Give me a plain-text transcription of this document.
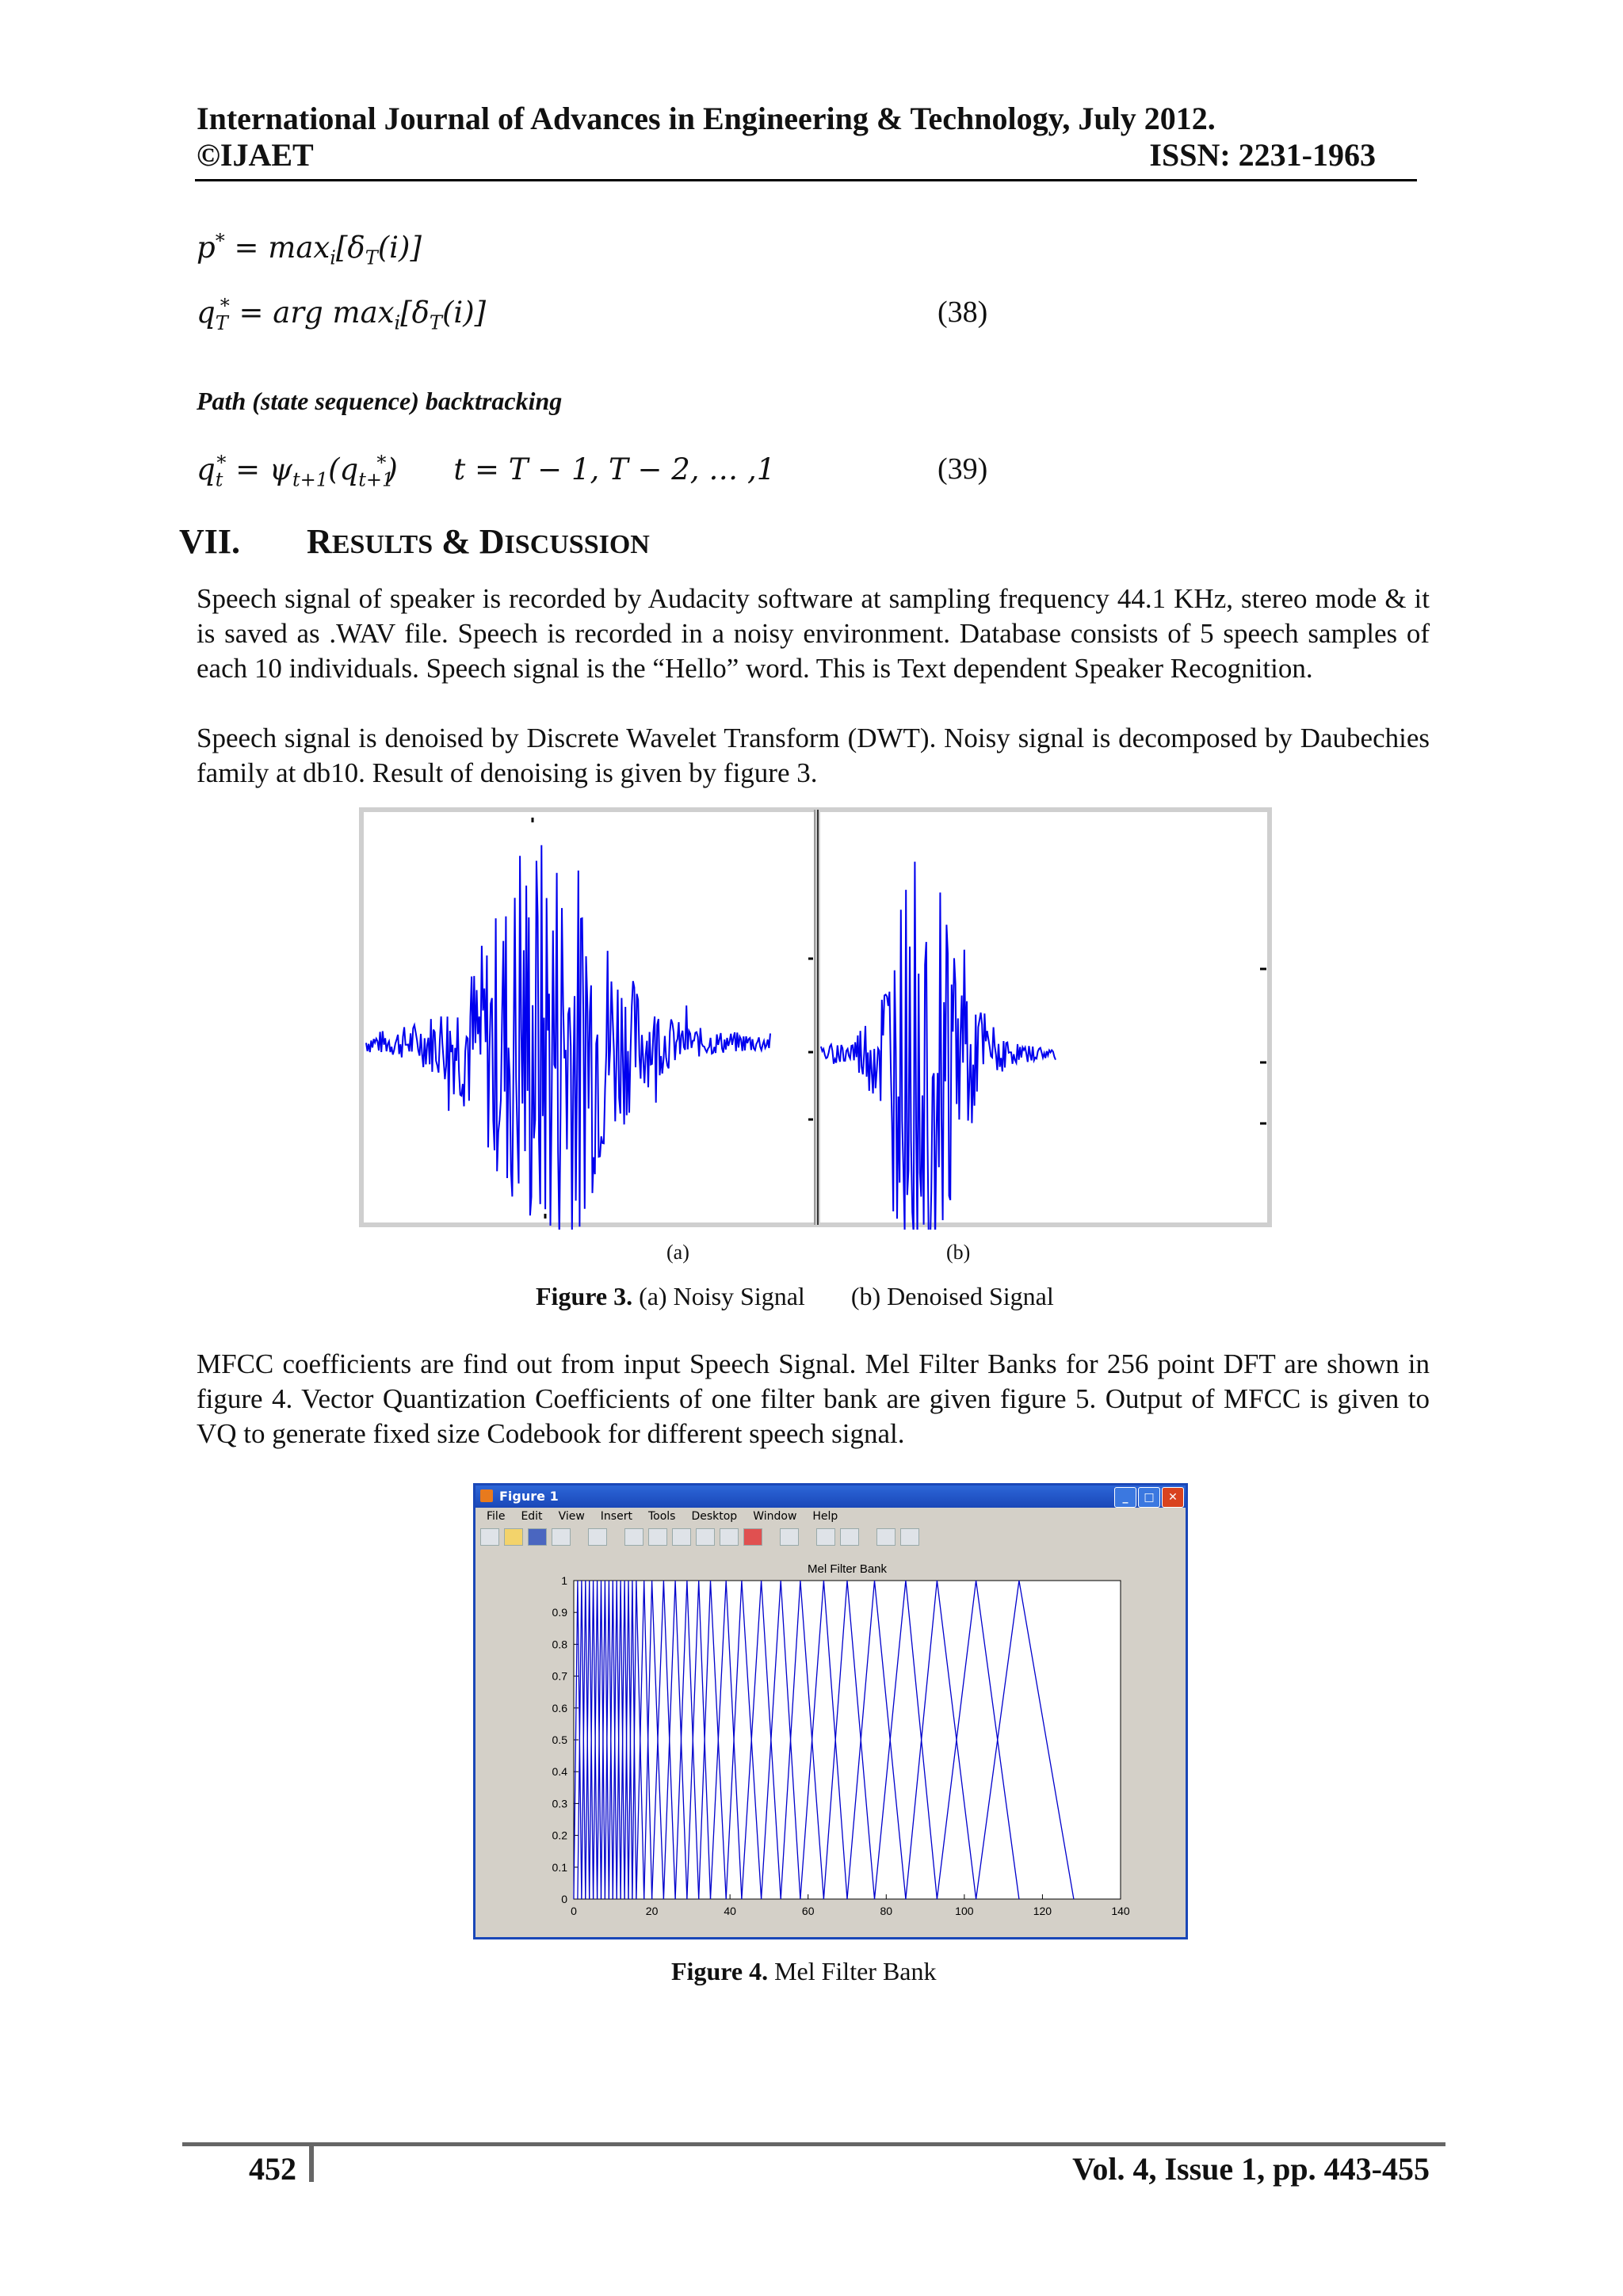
International Journal of Advances in Engineering & Technology, July 2012.
©IJAET	ISSN: 2231-1963
$p^* = \max_i[\delta_T(i)]$
$q_T^*$ = arg $\max_i[\delta_T(i)]$	(38)
Path (state sequence) backtracking
$q_t^* = \psi_{t+1}(q_{t+1}^*)$      t = T − 1, T − 2, … ,1	(39)
VII. RESULTS & DISCUSSION
Speech signal of speaker is recorded by Audacity software at sampling frequency 44.1 KHz, stereo mode & it is saved as .WAV file. Speech is recorded in a noisy environment. Database consists of 5 speech samples of each 10 individuals. Speech signal is the “Hello” word. This is Text dependent Speaker Recognition.
Speech signal is denoised by Discrete Wavelet Transform (DWT). Noisy signal is decomposed by Daubechies family at db10. Result of denoising is given by figure 3.
(a)	(b)
Figure 3. (a) Noisy Signal (b) Denoised Signal
MFCC coefficients are find out from input Speech Signal. Mel Filter Banks for 256 point DFT are shown in figure 4. Vector Quantization Coefficients of one filter bank are given figure 5. Output of MFCC is given to VQ to generate fixed size Codebook for different speech signal.
Figure 1	_	□	✕
File Edit View Insert Tools Desktop Window Help
Mel Filter Bank
0
0.1
0.2
0.3
0.4
0.5
0.6
0.7
0.8
0.9
1
0	20	40	60	80	100	120	140
Figure 4. Mel Filter Bank
452	Vol. 4, Issue 1, pp. 443-455
